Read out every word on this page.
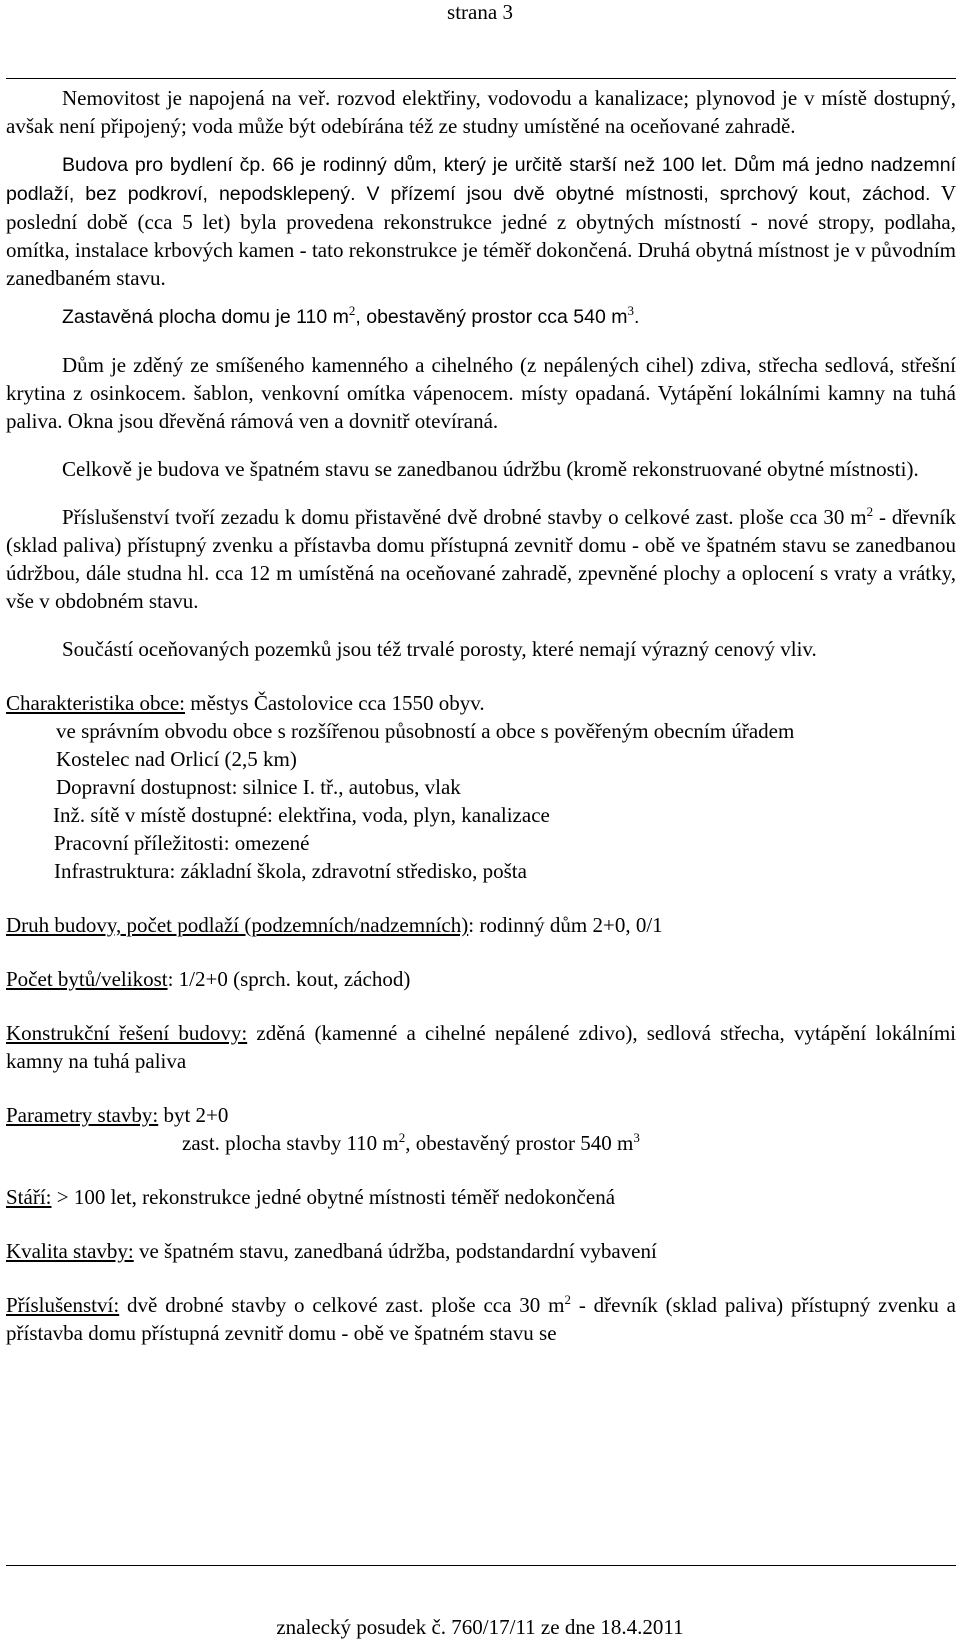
strana 3

Nemovitost je napojená na veř. rozvod elektřiny, vodovodu a kanalizace; plynovod je v místě dostupný, avšak není připojený; voda může být odebírána též ze studny umístěné na oceňované zahradě.

Budova pro bydlení čp. 66 je rodinný dům, který je určitě starší než 100 let. Dům má jedno nadzemní podlaží, bez podkroví, nepodsklepený. V přízemí jsou dvě obytné místnosti, sprchový kout, záchod. V poslední době (cca 5 let) byla provedena rekonstrukce jedné z obytných místností - nové stropy, podlaha, omítka, instalace krbových kamen - tato rekonstrukce je téměř dokončená. Druhá obytná místnost je v původním zanedbaném stavu.

Zastavěná plocha domu je 110 $m^2$, obestavěný prostor cca 540 $m^3$.

Dům je zděný ze smíšeného kamenného a cihelného (z nepálených cihel) zdiva, střecha sedlová, střešní krytina z osinkocem. šablon, venkovní omítka vápenocem. místy opadaná. Vytápění lokálními kamny na tuhá paliva. Okna jsou dřevěná rámová ven a dovnitř otevíraná.

Celkově je budova ve špatném stavu se zanedbanou údržbu (kromě rekonstruované obytné místnosti).

Příslušenství tvoří zezadu k domu přistavěné dvě drobné stavby o celkové zast. ploše cca 30 $m^2$ - dřevník (sklad paliva) přístupný zvenku a přístavba domu přístupná zevnitř domu - obě ve špatném stavu se zanedbanou údržbou, dále studna hl. cca 12 m umístěná na oceňované zahradě, zpevněné plochy a oplocení s vraty a vrátky, vše v obdobném stavu.

Součástí oceňovaných pozemků jsou též trvalé porosty, které nemají výrazný cenový vliv.

Charakteristika obce: městys Častolovice cca 1550 obyv.

ve správním obvodu obce s rozšířenou působností a obce s pověřeným obecním úřadem

Kostelec nad Orlicí (2,5 km)

Dopravní dostupnost: silnice I. tř., autobus, vlak

Inž. sítě v místě dostupné: elektřina, voda, plyn, kanalizace

Pracovní příležitosti: omezené

Infrastruktura: základní škola, zdravotní středisko, pošta

Druh budovy, počet podlaží (podzemních/nadzemních): rodinný dům 2+0, 0/1

Počet bytů/velikost: 1/2+0 (sprch. kout, záchod)

Konstrukční řešení budovy: zděná (kamenné a cihelné nepálené zdivo), sedlová střecha, vytápění lokálními kamny na tuhá paliva

Parametry stavby: byt 2+0

zast. plocha stavby 110 $m^2$, obestavěný prostor 540 $m^3$

Stáří: > 100 let, rekonstrukce jedné obytné místnosti téměř nedokončená

Kvalita stavby: ve špatném stavu, zanedbaná údržba, podstandardní vybavení

Příslušenství: dvě drobné stavby o celkové zast. ploše cca 30 $m^2$ - dřevník (sklad paliva) přístupný zvenku a přístavba domu přístupná zevnitř domu - obě ve špatném stavu se

znalecký posudek č. 760/17/11 ze dne 18.4.2011
